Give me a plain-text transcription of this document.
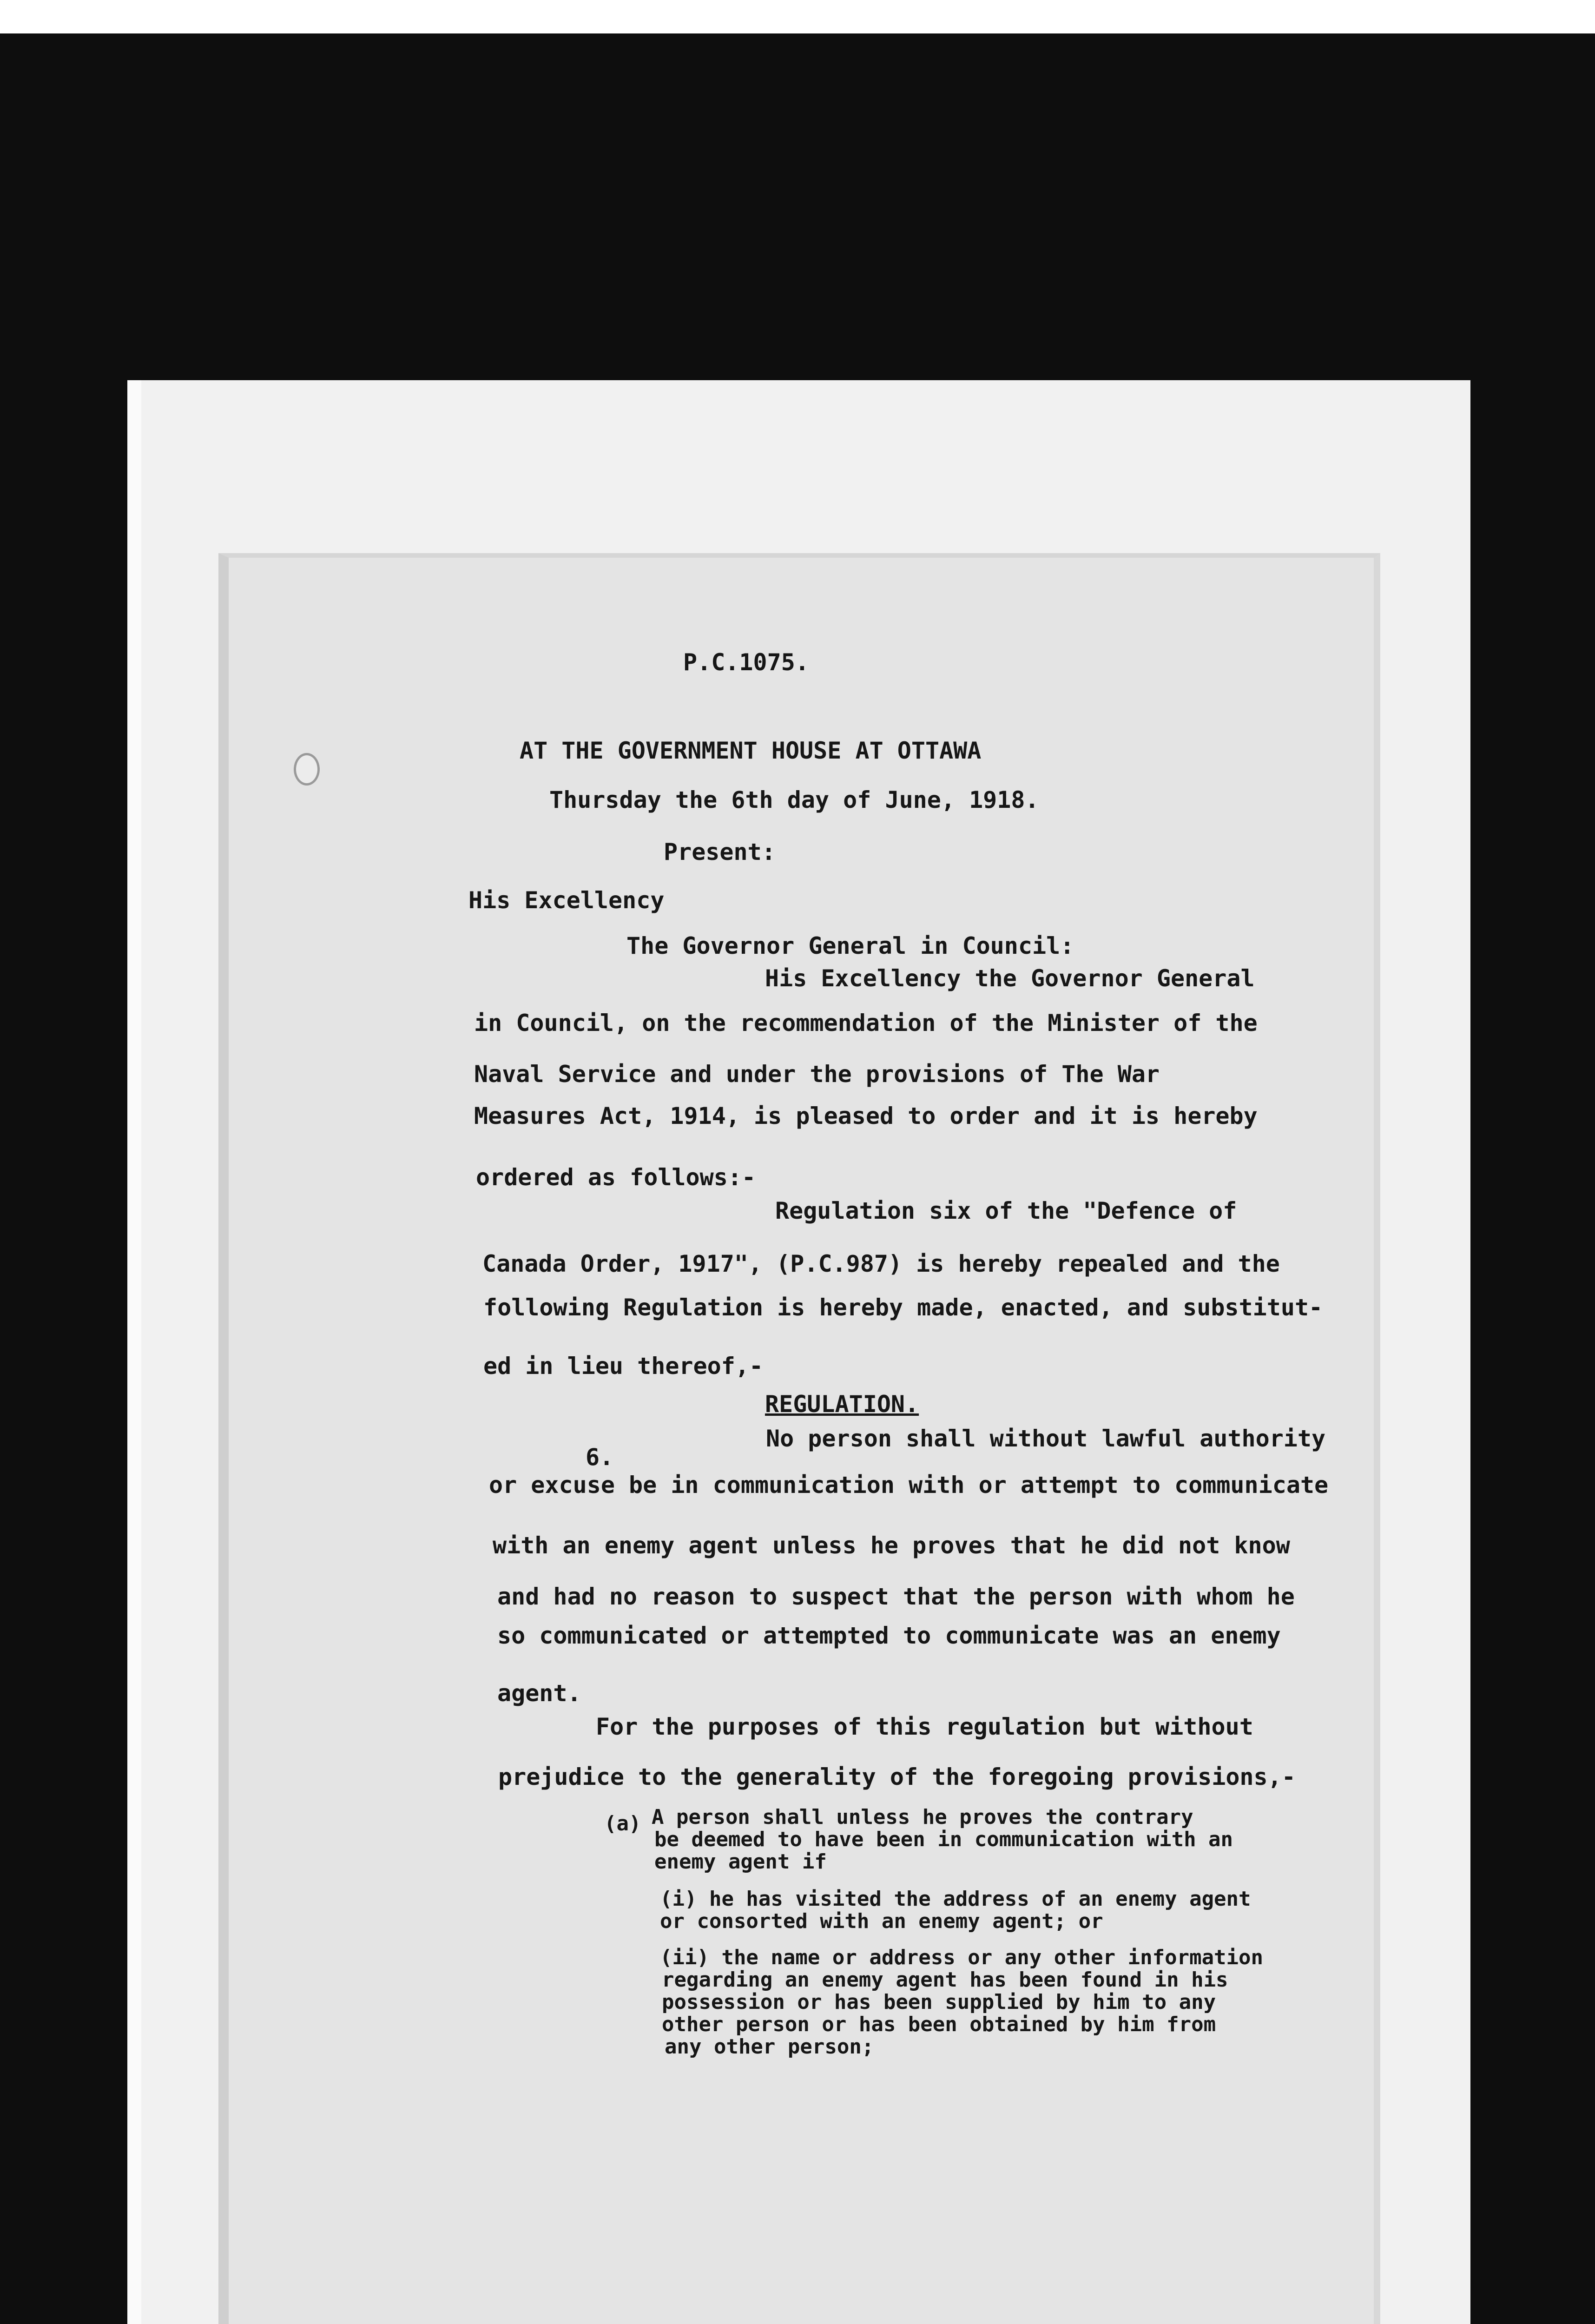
P.C.1075.
AT THE GOVERNMENT HOUSE AT OTTAWA
Thursday the 6th day of June, 1918.
Present:
His Excellency
The Governor General in Council:
His Excellency the Governor General
in Council, on the recommendation of the Minister of the
Naval Service and under the provisions of The War
Measures Act, 1914, is pleased to order and it is hereby
ordered as follows:-
Regulation six of the "Defence of
Canada Order, 1917", (P.C.987) is hereby repealed and the
following Regulation is hereby made, enacted, and substitut-
ed in lieu thereof,-
REGULATION.
6.
No person shall without lawful authority
or excuse be in communication with or attempt to communicate
with an enemy agent unless he proves that he did not know
and had no reason to suspect that the person with whom he
so communicated or attempted to communicate was an enemy
agent.
For the purposes of this regulation but without
prejudice to the generality of the foregoing provisions,-
(a) A person shall unless he proves the contrary
be deemed to have been in communication with an
enemy agent if
(i) he has visited the address of an enemy agent
or consorted with an enemy agent; or
(ii) the name or address or any other information
regarding an enemy agent has been found in his
possession or has been supplied by him to any
other person or has been obtained by him from
any other person;
